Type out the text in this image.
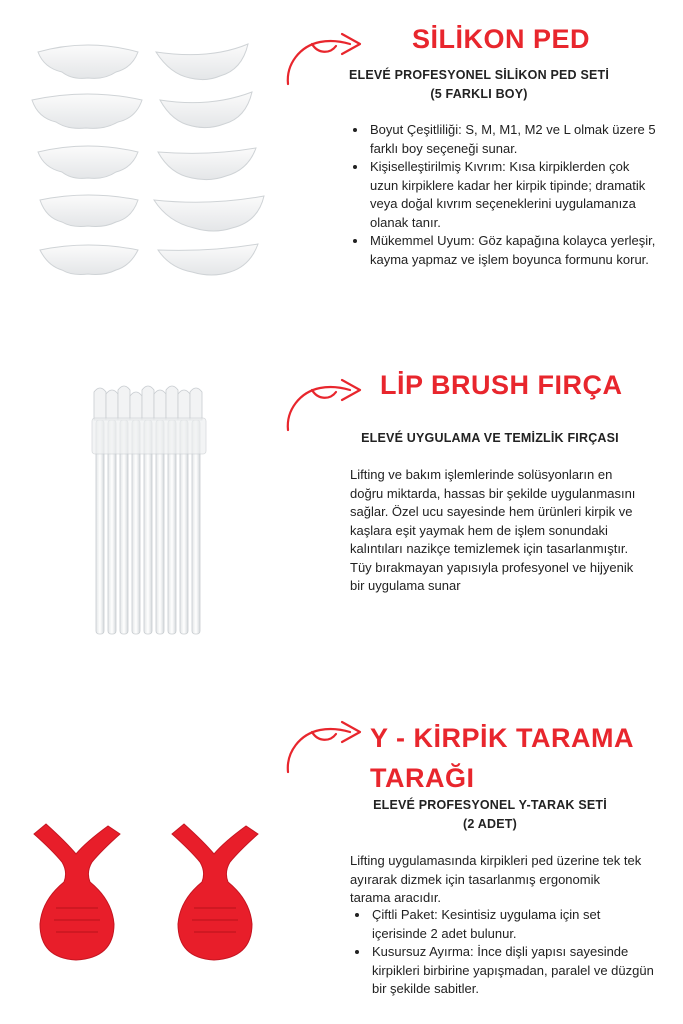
SİLİKON PED

ELEVÉ PROFESYONEL SİLİKON PED SETİ

(5 FARKLI BOY)

• Boyut Çeşitliliği: S, M, M1, M2 ve L olmak üzere 5 farklı boy seçeneği sunar.
• Kişiselleştirilmiş Kıvrım: Kısa kirpiklerden çok uzun kirpiklere kadar her kirpik tipinde; dramatik veya doğal kıvrım seçeneklerini uygulamanıza olanak tanır.
• Mükemmel Uyum: Göz kapağına kolayca yerleşir, kayma yapmaz ve işlem boyunca formunu korur.
LİP BRUSH FIRÇA

ELEVÉ UYGULAMA VE TEMİZLİK FIRÇASI

Lifting ve bakım işlemlerinde solüsyonların en doğru miktarda, hassas bir şekilde uygulanmasını sağlar. Özel ucu sayesinde hem ürünleri kirpik ve kaşlara eşit yaymak hem de işlem sonundaki kalıntıları nazikçe temizlemek için tasarlanmıştır. Tüy bırakmayan yapısıyla profesyonel ve hijyenik bir uygulama sunar

Y - KİRPİK TARAMA
TARAĞI

ELEVÉ PROFESYONEL Y-TARAK SETİ

(2 ADET)

Lifting uygulamasında kirpikleri ped üzerine tek tek ayırarak dizmek için tasarlanmış ergonomik tarama aracıdır.

• Çiftli Paket: Kesintisiz uygulama için set içerisinde 2 adet bulunur.
• Kusursuz Ayırma: İnce dişli yapısı sayesinde kirpikleri birbirine yapışmadan, paralel ve düzgün bir şekilde sabitler.
